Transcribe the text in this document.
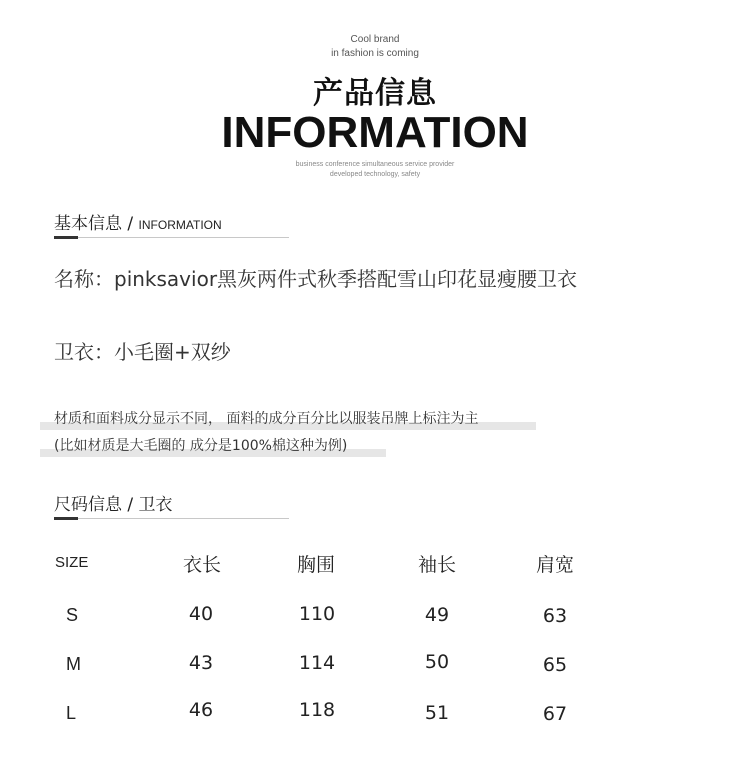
Cool brand
in fashion is coming
产品信息
INFORMATION
business conference simultaneous service provider
developed technology, safety
基本信息 / INFORMATION
名称：pinksavior黑灰两件式秋季搭配雪山印花显瘦腰卫衣
卫衣：小毛圈+双纱
材质和面料成分显示不同， 面料的成分百分比以服装吊牌上标注为主
(比如材质是大毛圈的 成分是100%棉这种为例)
尺码信息 / 卫衣
SIZE	衣长	胸围	袖长	肩宽
S	40	110	49	63
M	43	114	50	65
L	46	118	51	67
